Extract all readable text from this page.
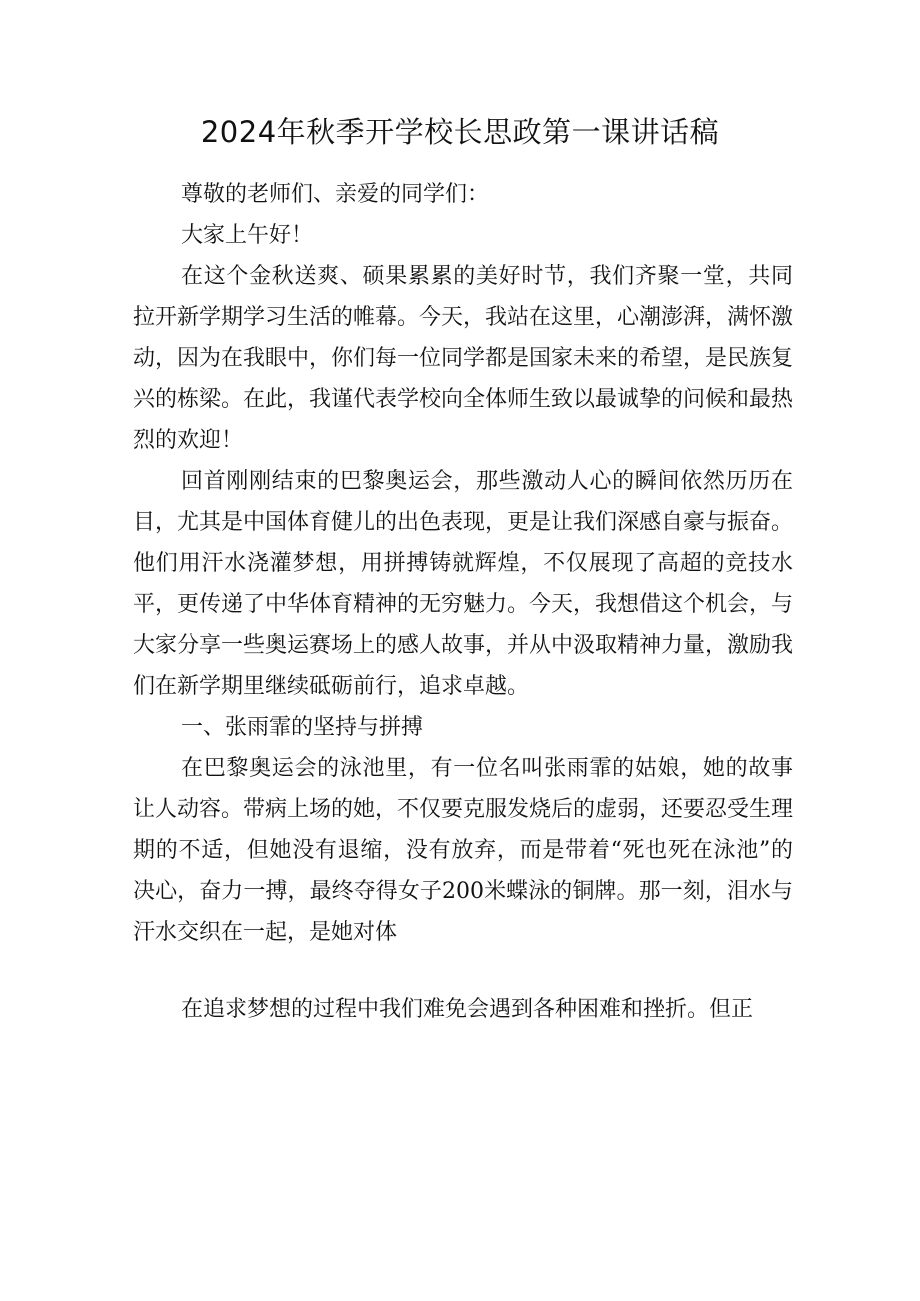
2024年秋季开学校长思政第一课讲话稿

尊敬的老师们、亲爱的同学们：

大家上午好！

在这个金秋送爽、硕果累累的美好时节，我们齐聚一堂，共同拉开新学期学习生活的帷幕。今天，我站在这里，心潮澎湃，满怀激动，因为在我眼中，你们每一位同学都是国家未来的希望，是民族复兴的栋梁。在此，我谨代表学校向全体师生致以最诚挚的问候和最热烈的欢迎！

回首刚刚结束的巴黎奥运会，那些激动人心的瞬间依然历历在目，尤其是中国体育健儿的出色表现，更是让我们深感自豪与振奋。他们用汗水浇灌梦想，用拼搏铸就辉煌，不仅展现了高超的竞技水平，更传递了中华体育精神的无穷魅力。今天，我想借这个机会，与大家分享一些奥运赛场上的感人故事，并从中汲取精神力量，激励我们在新学期里继续砥砺前行，追求卓越。

一、张雨霏的坚持与拼搏

在巴黎奥运会的泳池里，有一位名叫张雨霏的姑娘，她的故事让人动容。带病上场的她，不仅要克服发烧后的虚弱，还要忍受生理期的不适，但她没有退缩，没有放弃，而是带着“死也死在泳池”的决心，奋力一搏，最终夺得女子200米蝶泳的铜牌。那一刻，泪水与汗水交织在一起，是她对体

在追求梦想的过程中我们难免会遇到各种困难和挫折。但正
